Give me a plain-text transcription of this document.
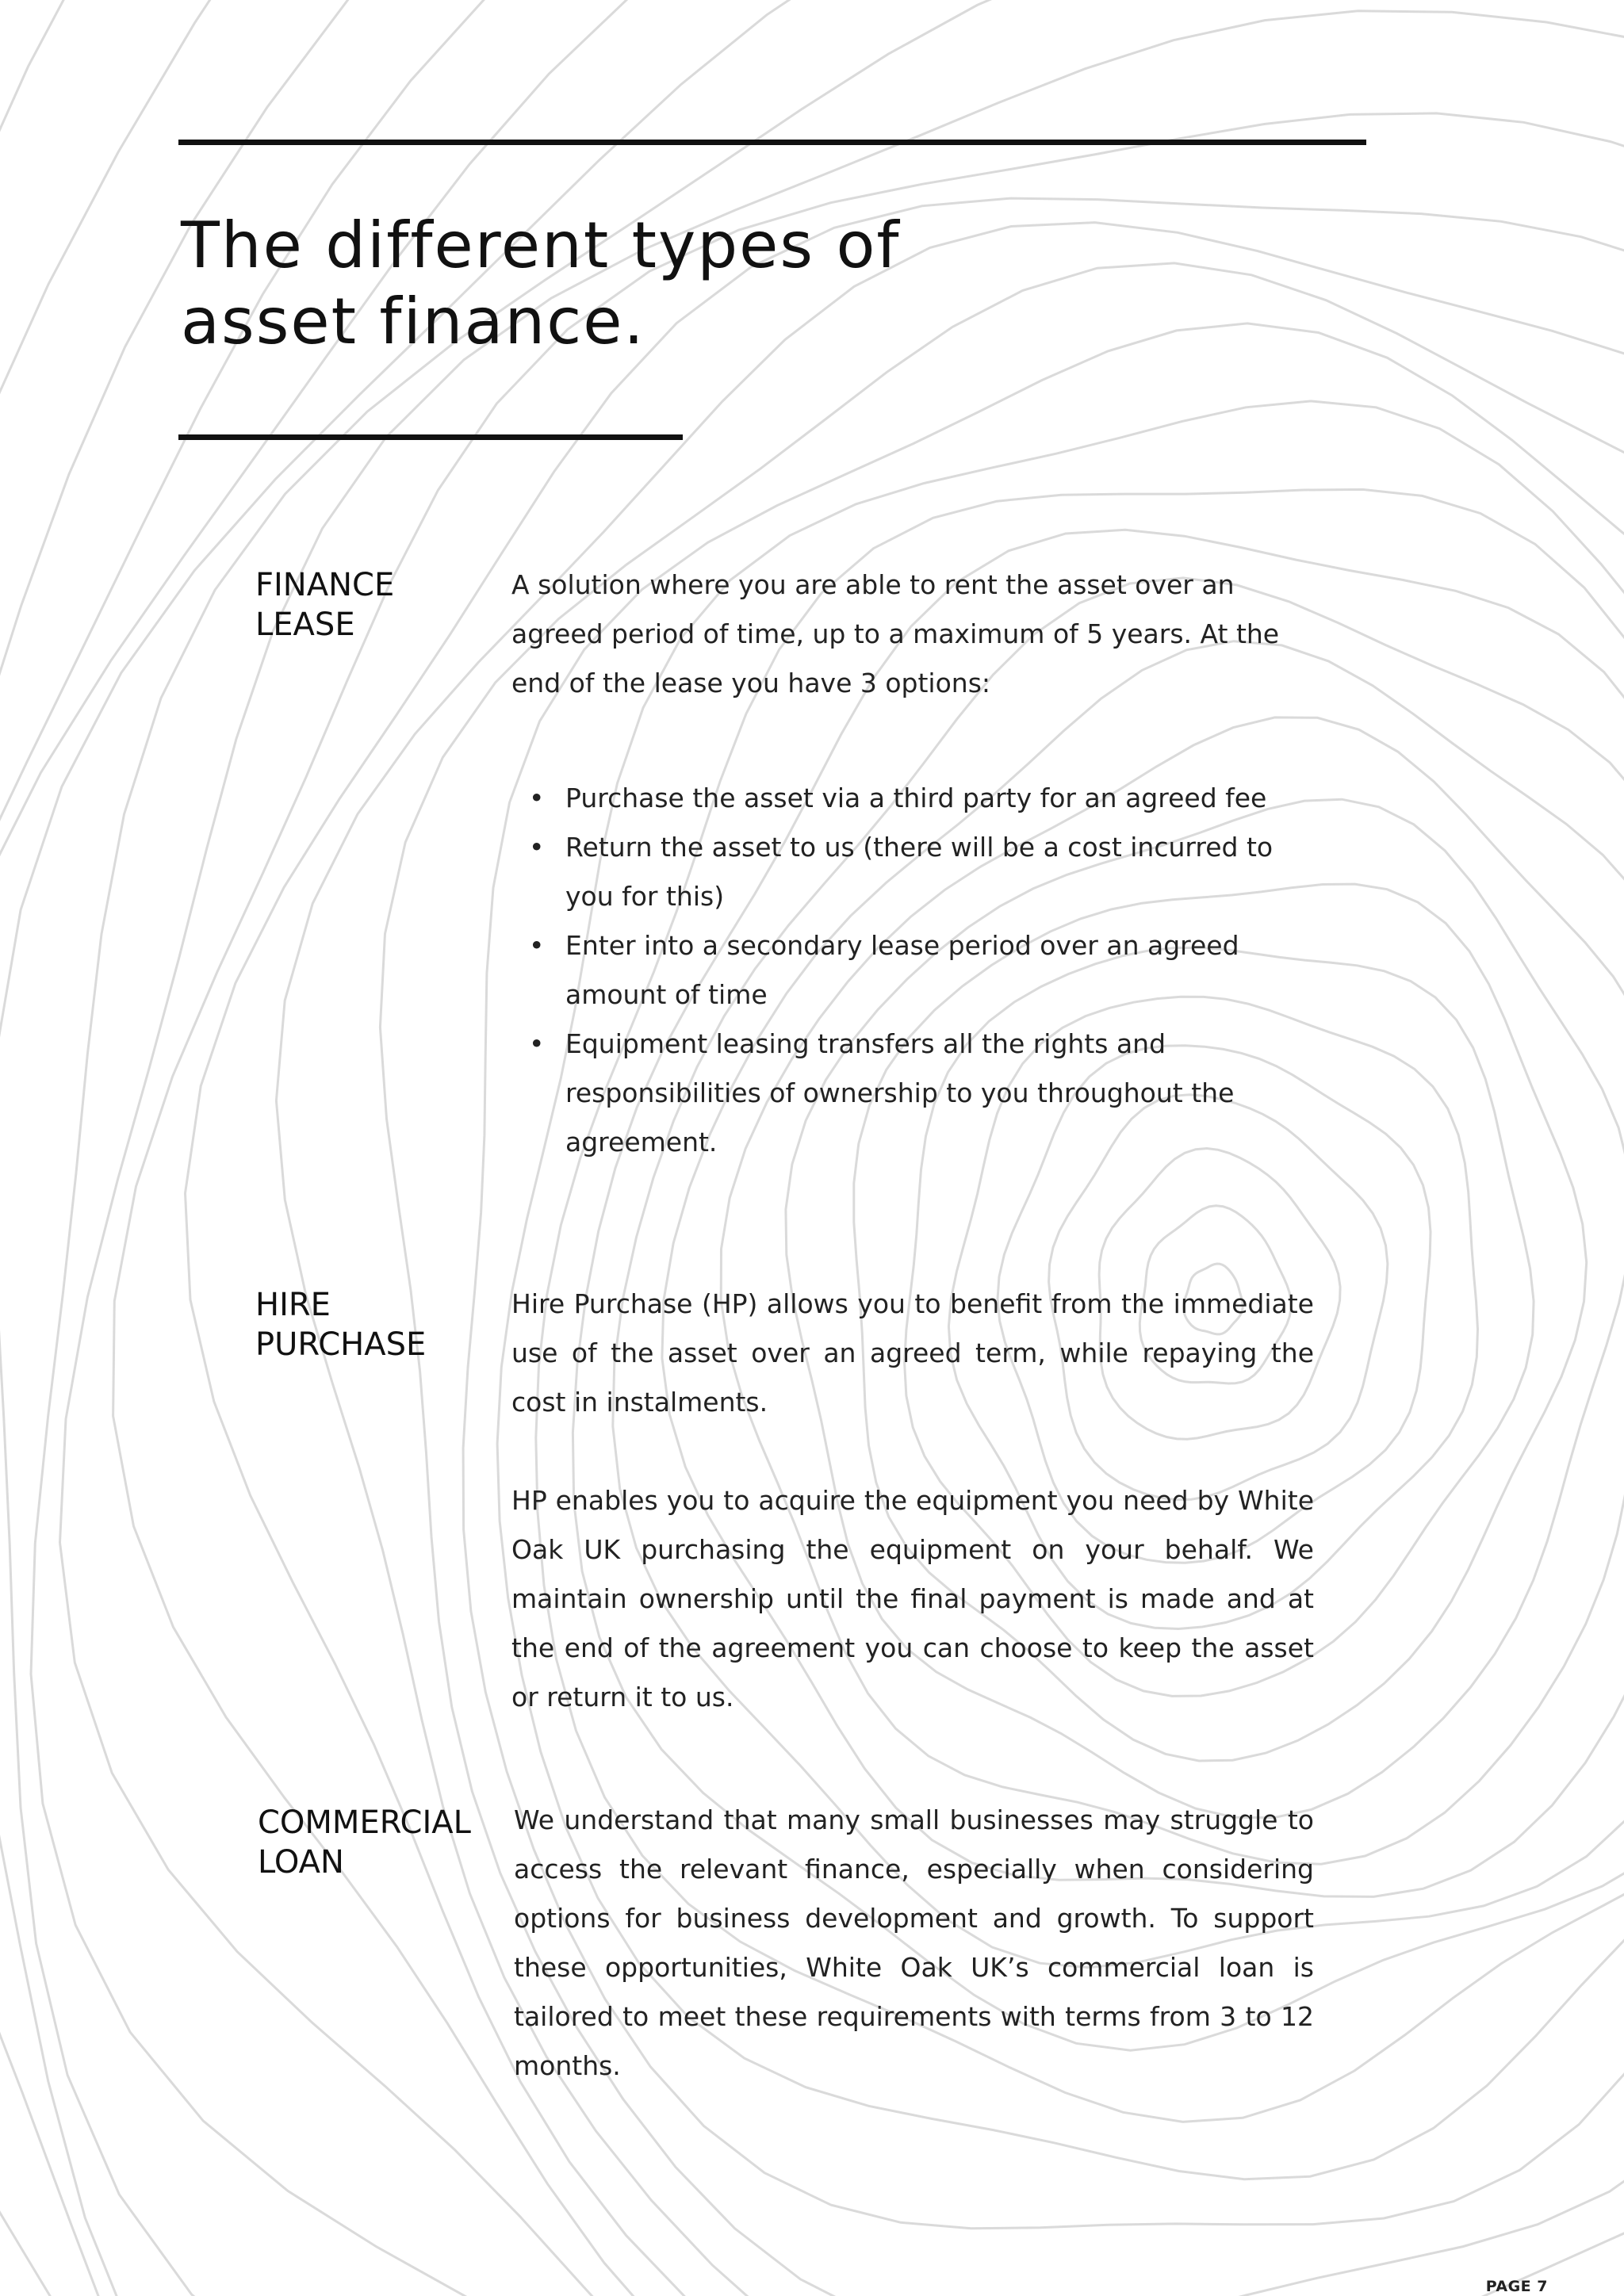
The different types of
asset finance.
FINANCE
LEASE

A solution where you are able to rent the asset over an agreed period of time, up to a maximum of 5 years. At the end of the lease you have 3 options:

• Purchase the asset via a third party for an agreed fee
• Return the asset to us (there will be a cost incurred to you for this)
• Enter into a secondary lease period over an agreed amount of time
• Equipment leasing transfers all the rights and responsibilities of ownership to you throughout the agreement.
HIRE
PURCHASE

Hire Purchase (HP) allows you to benefit from the immediate use of the asset over an agreed term, while repaying the cost in instalments.

HP enables you to acquire the equipment you need by White Oak UK purchasing the equipment on your behalf. We maintain ownership until the final payment is made and at the end of the agreement you can choose to keep the asset or return it to us.

COMMERCIAL
LOAN

We understand that many small businesses may struggle to access the relevant finance, especially when considering options for business development and growth. To support these opportunities, White Oak UK’s commercial loan is tailored to meet these requirements with terms from 3 to 12 months.

PAGE 7
